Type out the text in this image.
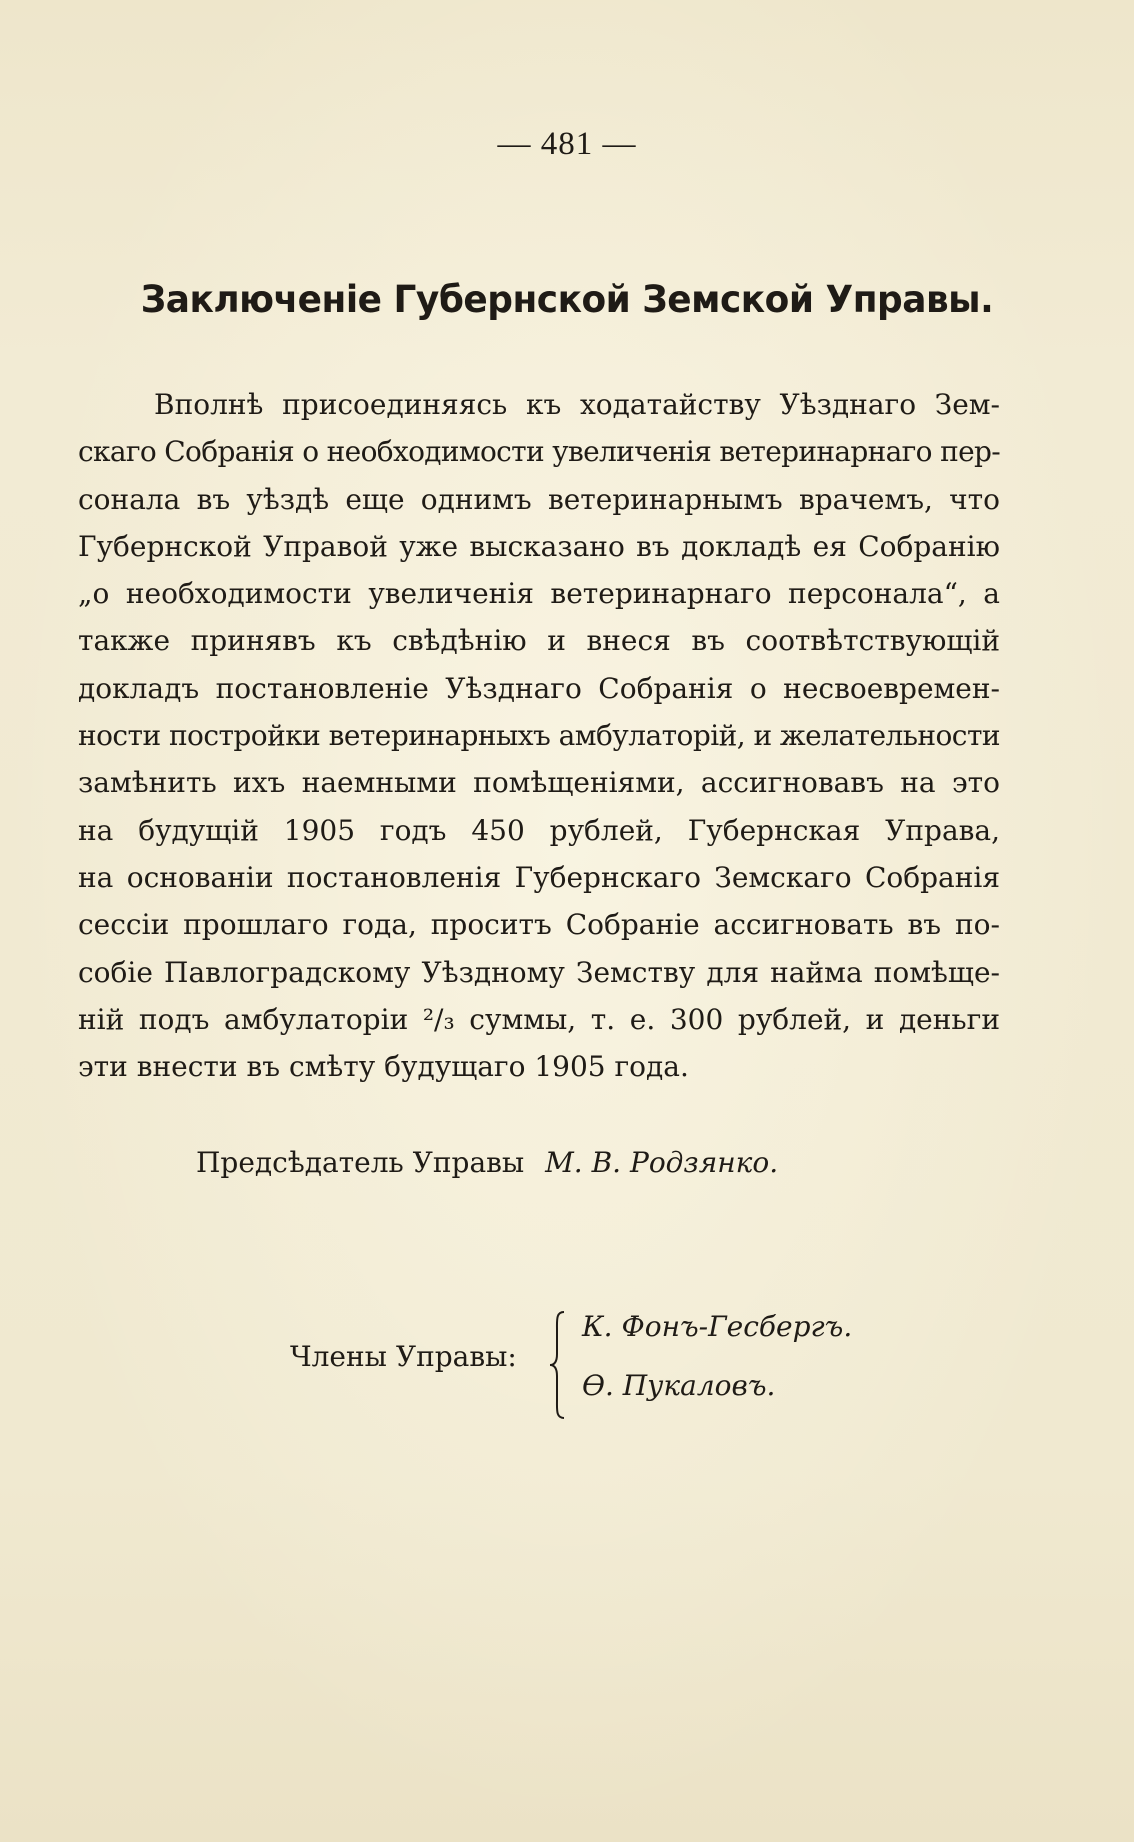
— 481 —
Заключеніе Губернской Земской Управы.
Вполнѣ присоединяясь къ ходатайству Уѣзднаго Зем-
скаго Собранія о необходимости увеличенія ветеринарнаго пер-
сонала въ уѣздѣ еще однимъ ветеринарнымъ врачемъ, что
Губернской Управой уже высказано въ докладѣ ея Собранію
„о необходимости увеличенія ветеринарнаго персонала“, а
также принявъ къ свѣдѣнію и внеся въ соотвѣтствующій
докладъ постановленіе Уѣзднаго Собранія о несвоевремен-
ности постройки ветеринарныхъ амбулаторій, и желательности
замѣнить ихъ наемными помѣщеніями, ассигновавъ на это
на будущій 1905 годъ 450 рублей, Губернская Управа,
на основаніи постановленія Губернскаго Земскаго Собранія
сессіи прошлаго года, проситъ Собраніе ассигновать въ по-
собіе Павлоградскому Уѣздному Земству для найма помѣще-
ній подъ амбулаторіи ²/₃ суммы, т. е. 300 рублей, и деньги
эти внести въ смѣту будущаго 1905 года.
Предсѣдатель Управы М. В. Родзянко.
Члены Управы:
К. Фонъ-Гесбергъ.
Ѳ. Пукаловъ.
